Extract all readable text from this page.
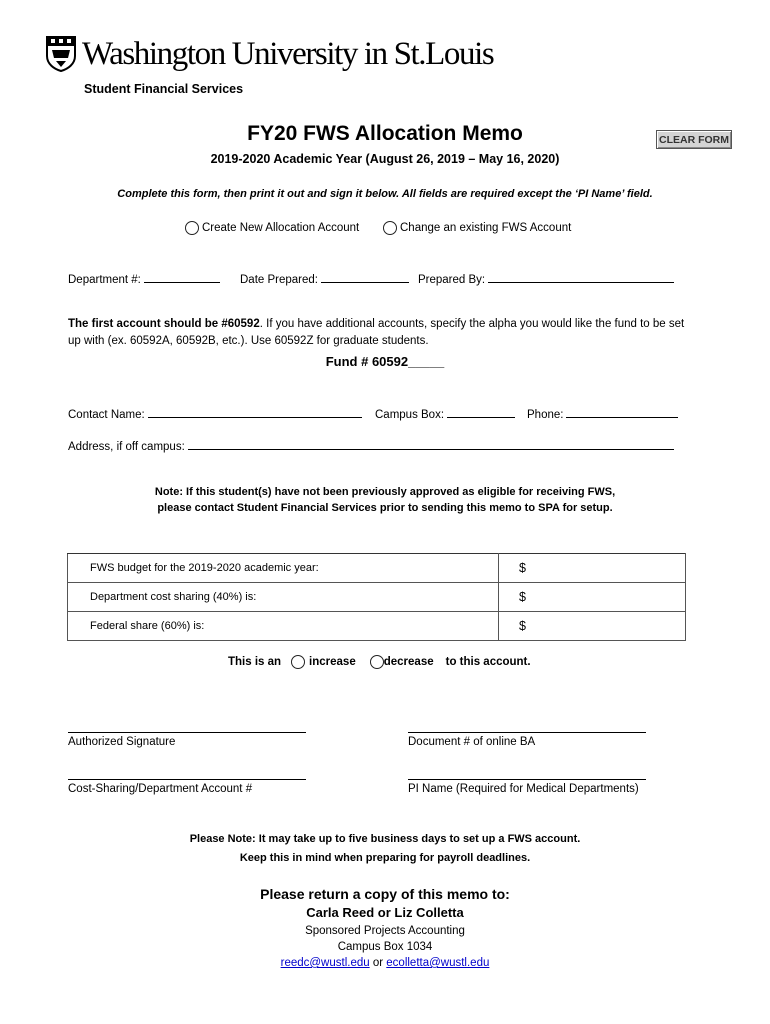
Washington University in St.Louis
Student Financial Services
FY20 FWS Allocation Memo	CLEAR FORM
2019-2020 Academic Year (August 26, 2019 – May 16, 2020)
Complete this form, then print it out and sign it below. All fields are required except the ‘PI Name’ field.
Create New Allocation Account	Change an existing FWS Account
Department #:	Date Prepared:	Prepared By:
The first account should be #60592. If you have additional accounts, specify the alpha you would like the fund to be set up with (ex. 60592A, 60592B, etc.). Use 60592Z for graduate students.
Fund # 60592_____
Contact Name:	Campus Box:	Phone:
Address, if off campus:
Note: If this student(s) have not been previously approved as eligible for receiving FWS,
please contact Student Financial Services prior to sending this memo to SPA for setup.
FWS budget for the 2019-2020 academic year:	$
Department cost sharing (40%) is:	$
Federal share (60%) is:	$
This is an increase decrease to this account.
Authorized Signature	Document # of online BA
Cost-Sharing/Department Account #	PI Name (Required for Medical Departments)
Please Note: It may take up to five business days to set up a FWS account.
Keep this in mind when preparing for payroll deadlines.
Please return a copy of this memo to:
Carla Reed or Liz Colletta
Sponsored Projects Accounting
Campus Box 1034
reedc@wustl.edu or ecolletta@wustl.edu
